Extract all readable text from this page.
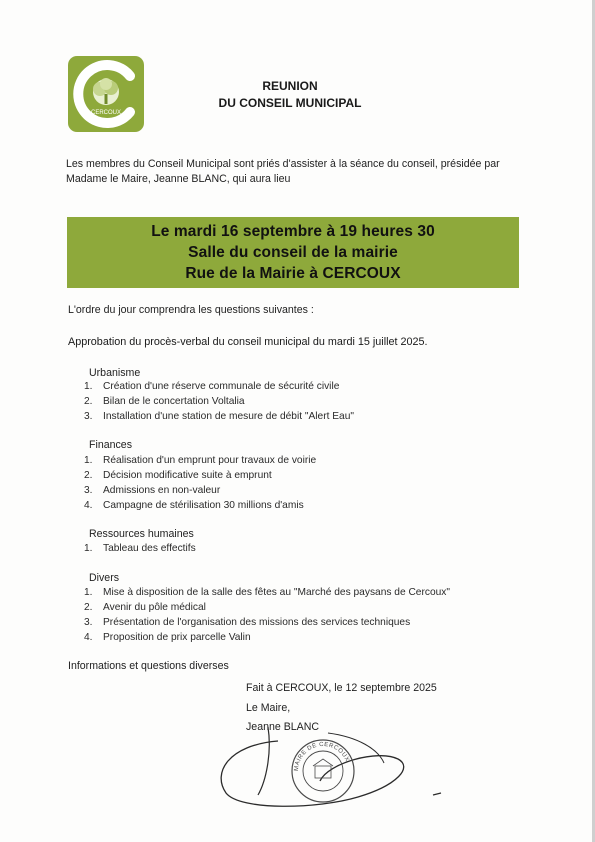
CERCOUX
REUNION
DU CONSEIL MUNICIPAL
Les membres du Conseil Municipal sont priés d'assister à la séance du conseil, présidée par
Madame le Maire, Jeanne BLANC, qui aura lieu
Le mardi 16 septembre à 19 heures 30
Salle du conseil de la mairie
Rue de la Mairie à CERCOUX
L'ordre du jour comprendra les questions suivantes :
Approbation du procès-verbal du conseil municipal du mardi 15 juillet 2025.
Urbanisme
1. Création d'une réserve communale de sécurité civile
2. Bilan de le concertation Voltalia
3. Installation d'une station de mesure de débit "Alert Eau"
Finances
1. Réalisation d'un emprunt pour travaux de voirie
2. Décision modificative suite à emprunt
3. Admissions en non-valeur
4. Campagne de stérilisation 30 millions d'amis
Ressources humaines
1. Tableau des effectifs
Divers
1. Mise à disposition de la salle des fêtes au "Marché des paysans de Cercoux"
2. Avenir du pôle médical
3. Présentation de l'organisation des missions des services techniques
4. Proposition de prix parcelle Valin
Informations et questions diverses
Fait à CERCOUX, le 12 septembre 2025
Le Maire,
Jeanne BLANC
MAIRE DE CERCOUX
